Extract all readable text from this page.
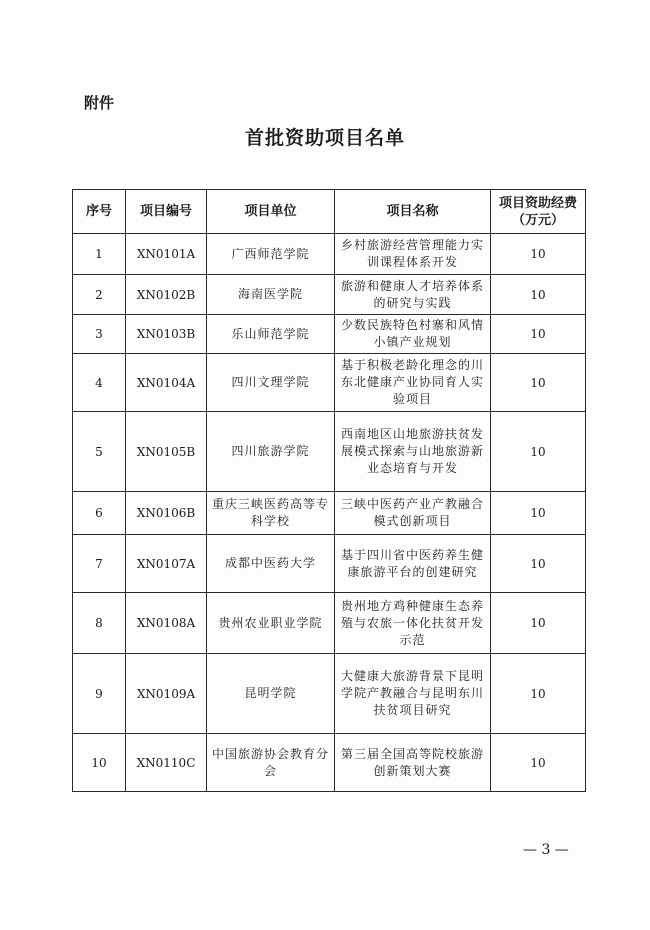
附件
首批资助项目名单
序号	项目编号	项目单位	项目名称	项目资助经费（万元）
1	XN0101A	广西师范学院	乡村旅游经营管理能力实训课程体系开发	10
2	XN0102B	海南医学院	旅游和健康人才培养体系的研究与实践	10
3	XN0103B	乐山师范学院	少数民族特色村寨和风情小镇产业规划	10
4	XN0104A	四川文理学院	基于积极老龄化理念的川东北健康产业协同育人实验项目	10
5	XN0105B	四川旅游学院	西南地区山地旅游扶贫发展模式探索与山地旅游新业态培育与开发	10
6	XN0106B	重庆三峡医药高等专科学校	三峡中医药产业产教融合模式创新项目	10
7	XN0107A	成都中医药大学	基于四川省中医药养生健康旅游平台的创建研究	10
8	XN0108A	贵州农业职业学院	贵州地方鸡种健康生态养殖与农旅一体化扶贫开发示范	10
9	XN0109A	昆明学院	大健康大旅游背景下昆明学院产教融合与昆明东川扶贫项目研究	10
10	XN0110C	中国旅游协会教育分会	第三届全国高等院校旅游创新策划大赛	10
— 3 —
